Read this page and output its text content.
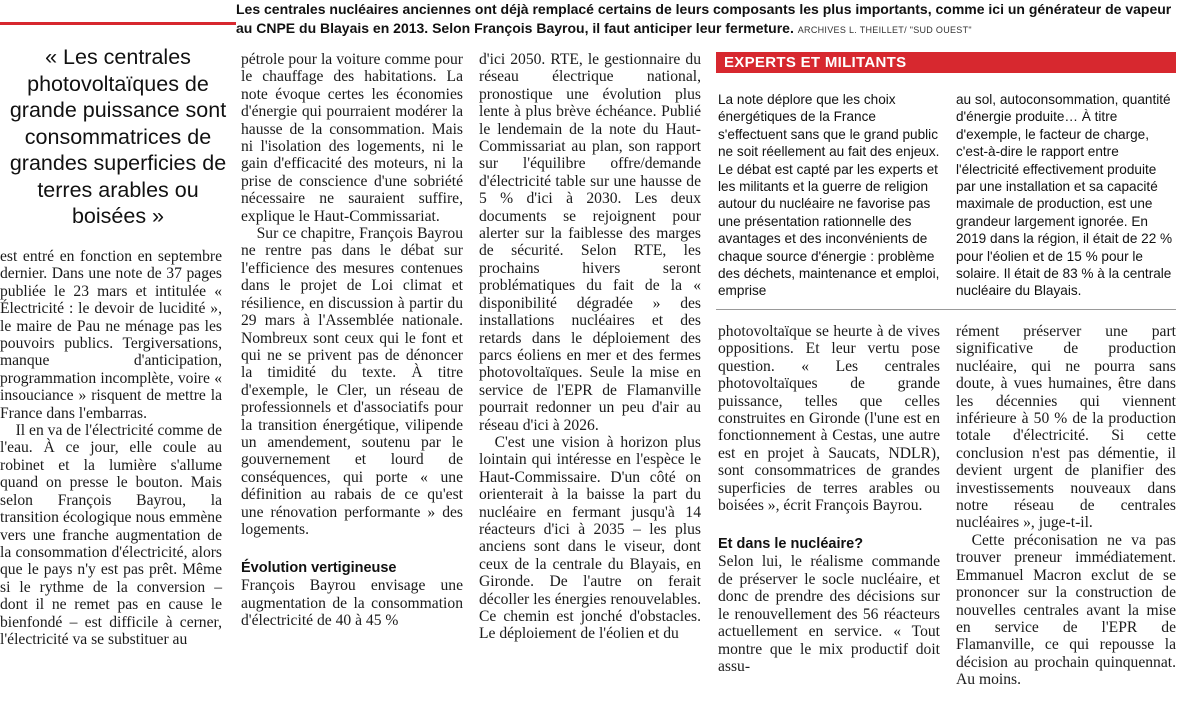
Les centrales nucléaires anciennes ont déjà remplacé certains de leurs composants les plus importants, comme ici un générateur de vapeur au CNPE du Blayais en 2013. Selon François Bayrou, il faut anticiper leur fermeture. ARCHIVES L. THEILLET/ "SUD OUEST"
« Les centrales photovoltaïques de grande puissance sont consommatrices de grandes superficies de terres arables ou boisées »

est entré en fonction en septembre dernier. Dans une note de 37 pages publiée le 23 mars et intitulée « Électricité : le devoir de lucidité », le maire de Pau ne ménage pas les pouvoirs publics. Tergiversations, manque d'anticipation, programmation incomplète, voire « insouciance » risquent de mettre la France dans l'embarras.

Il en va de l'électricité comme de l'eau. À ce jour, elle coule au robinet et la lumière s'allume quand on presse le bouton. Mais selon François Bayrou, la transition écologique nous emmène vers une franche augmentation de la consommation d'électricité, alors que le pays n'y est pas prêt. Même si le rythme de la conversion – dont il ne remet pas en cause le bienfondé – est difficile à cerner, l'électricité va se substituer au

pétrole pour la voiture comme pour le chauffage des habitations. La note évoque certes les économies d'énergie qui pourraient modérer la hausse de la consommation. Mais ni l'isolation des logements, ni le gain d'efficacité des moteurs, ni la prise de conscience d'une sobriété nécessaire ne sauraient suffire, explique le Haut-Commissariat.

Sur ce chapitre, François Bayrou ne rentre pas dans le débat sur l'efficience des mesures contenues dans le projet de Loi climat et résilience, en discussion à partir du 29 mars à l'Assemblée nationale. Nombreux sont ceux qui le font et qui ne se privent pas de dénoncer la timidité du texte. À titre d'exemple, le Cler, un réseau de professionnels et d'associatifs pour la transition énergétique, vilipende un amendement, soutenu par le gouvernement et lourd de conséquences, qui porte « une définition au rabais de ce qu'est une rénovation performante » des logements.

Évolution vertigineuse

François Bayrou envisage une augmentation de la consommation d'électricité de 40 à 45 %

d'ici 2050. RTE, le gestionnaire du réseau électrique national, pronostique une évolution plus lente à plus brève échéance. Publié le lendemain de la note du Haut-Commissariat au plan, son rapport sur l'équilibre offre/demande d'électricité table sur une hausse de 5 % d'ici à 2030. Les deux documents se rejoignent pour alerter sur la faiblesse des marges de sécurité. Selon RTE, les prochains hivers seront problématiques du fait de la « disponibilité dégradée » des installations nucléaires et des retards dans le déploiement des parcs éoliens en mer et des fermes photovoltaïques. Seule la mise en service de l'EPR de Flamanville pourrait redonner un peu d'air au réseau d'ici à 2026.

C'est une vision à horizon plus lointain qui intéresse en l'espèce le Haut-Commissaire. D'un côté on orienterait à la baisse la part du nucléaire en fermant jusqu'à 14 réacteurs d'ici à 2035 – les plus anciens sont dans le viseur, dont ceux de la centrale du Blayais, en Gironde. De l'autre on ferait décoller les énergies renouvelables. Ce chemin est jonché d'obstacles. Le déploiement de l'éolien et du

EXPERTS ET MILITANTS
La note déplore que les choix énergétiques de la France s'effectuent sans que le grand public ne soit réellement au fait des enjeux. Le débat est capté par les experts et les militants et la guerre de religion autour du nucléaire ne favorise pas une présentation rationnelle des avantages et des inconvénients de chaque source d'énergie : problème des déchets, maintenance et emploi, emprise
au sol, autoconsommation, quantité d'énergie produite… À titre d'exemple, le facteur de charge, c'est-à-dire le rapport entre l'électricité effectivement produite par une installation et sa capacité maximale de production, est une grandeur largement ignorée. En 2019 dans la région, il était de 22 % pour l'éolien et de 15 % pour le solaire. Il était de 83 % à la centrale nucléaire du Blayais.

photovoltaïque se heurte à de vives oppositions. Et leur vertu pose question. « Les centrales photovoltaïques de grande puissance, telles que celles construites en Gironde (l'une est en fonctionnement à Cestas, une autre est en projet à Saucats, NDLR), sont consommatrices de grandes superficies de terres arables ou boisées », écrit François Bayrou.

Et dans le nucléaire?

Selon lui, le réalisme commande de préserver le socle nucléaire, et donc de prendre des décisions sur le renouvellement des 56 réacteurs actuellement en service. « Tout montre que le mix productif doit assu-

rément préserver une part significative de production nucléaire, qui ne pourra sans doute, à vues humaines, être dans les décennies qui viennent inférieure à 50 % de la production totale d'électricité. Si cette conclusion n'est pas démentie, il devient urgent de planifier des investissements nouveaux dans notre réseau de centrales nucléaires », juge-t-il.

Cette préconisation ne va pas trouver preneur immédiatement. Emmanuel Macron exclut de se prononcer sur la construction de nouvelles centrales avant la mise en service de l'EPR de Flamanville, ce qui repousse la décision au prochain quinquennat. Au moins.
